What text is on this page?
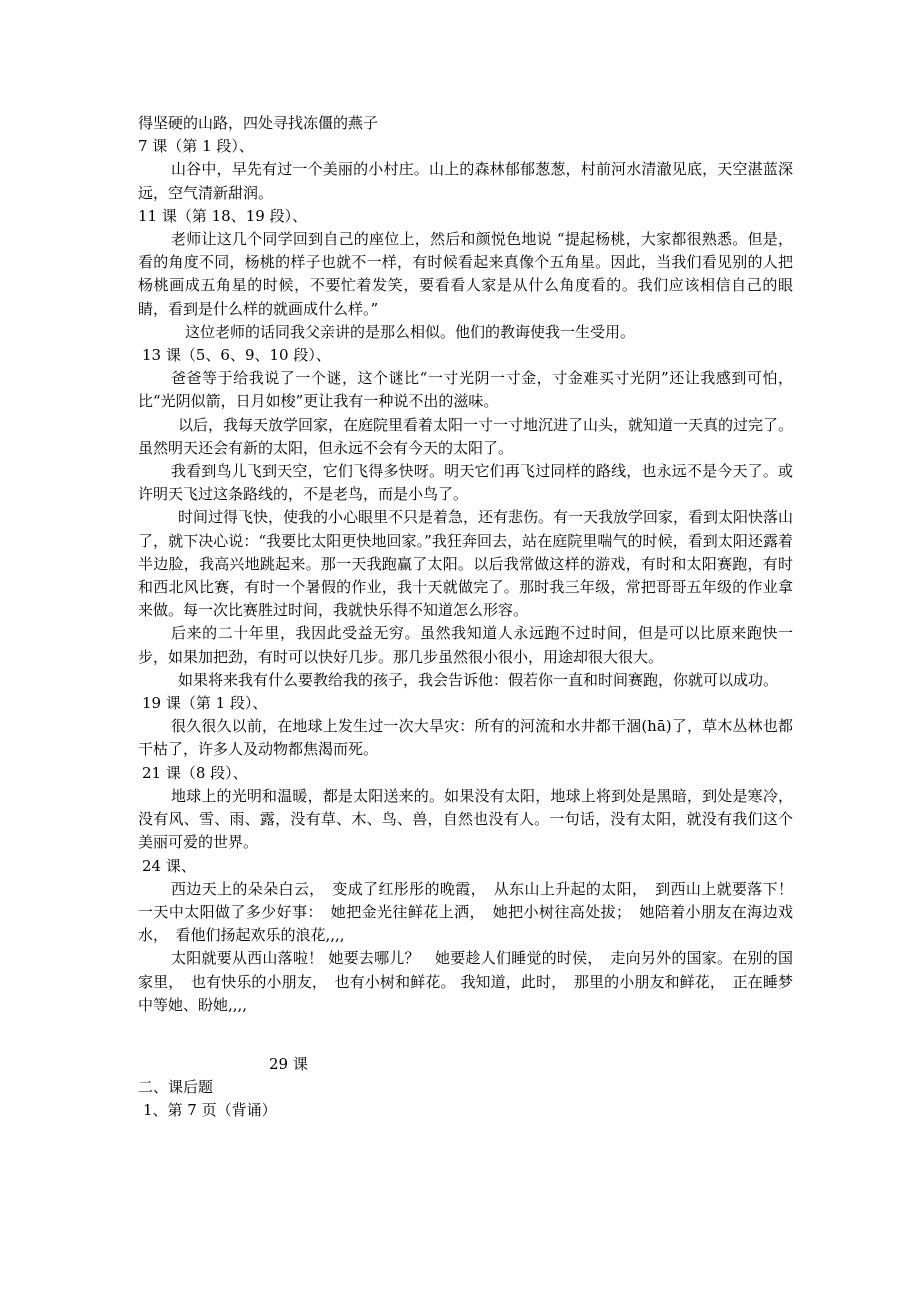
得坚硬的山路，四处寻找冻僵的燕子

7 课（第 1 段）、

山谷中，早先有过一个美丽的小村庄。山上的森林郁郁葱葱，村前河水清澈见底，天空湛蓝深远，空气清新甜润。

11 课（第 18、19 段）、

老师让这几个同学回到自己的座位上，然后和颜悦色地说 “提起杨桃，大家都很熟悉。但是，看的角度不同，杨桃的样子也就不一样，有时候看起来真像个五角星。因此，当我们看见别的人把杨桃画成五角星的时候，不要忙着发笑，要看看人家是从什么角度看的。我们应该相信自己的眼睛，看到是什么样的就画成什么样。”

这位老师的话同我父亲讲的是那么相似。他们的教诲使我一生受用。

13 课（5、6、9、10 段）、

爸爸等于给我说了一个谜，这个谜比“一寸光阴一寸金，寸金难买寸光阴”还让我感到可怕，比“光阴似箭，日月如梭”更让我有一种说不出的滋味。

以后，我每天放学回家，在庭院里看着太阳一寸一寸地沉进了山头，就知道一天真的过完了。虽然明天还会有新的太阳，但永远不会有今天的太阳了。

我看到鸟儿飞到天空，它们飞得多快呀。明天它们再飞过同样的路线，也永远不是今天了。或许明天飞过这条路线的，不是老鸟，而是小鸟了。

时间过得飞快，使我的小心眼里不只是着急，还有悲伤。有一天我放学回家，看到太阳快落山了，就下决心说：“我要比太阳更快地回家。”我狂奔回去，站在庭院里喘气的时候，看到太阳还露着半边脸，我高兴地跳起来。那一天我跑赢了太阳。以后我常做这样的游戏，有时和太阳赛跑，有时和西北风比赛，有时一个暑假的作业，我十天就做完了。那时我三年级，常把哥哥五年级的作业拿来做。每一次比赛胜过时间，我就快乐得不知道怎么形容。

后来的二十年里，我因此受益无穷。虽然我知道人永远跑不过时间，但是可以比原来跑快一步，如果加把劲，有时可以快好几步。那几步虽然很小很小，用途却很大很大。

如果将来我有什么要教给我的孩子，我会告诉他：假若你一直和时间赛跑，你就可以成功。

19 课（第 1 段）、

很久很久以前，在地球上发生过一次大旱灾：所有的河流和水井都干涸(hā)了，草木丛林也都干枯了，许多人及动物都焦渴而死。

21 课（8 段）、

地球上的光明和温暖，都是太阳送来的。如果没有太阳，地球上将到处是黑暗，到处是寒冷，没有风、雪、雨、露，没有草、木、鸟、兽，自然也没有人。一句话，没有太阳，就没有我们这个美丽可爱的世界。

24 课、

西边天上的朵朵白云，　变成了红彤彤的晚霞，　从东山上升起的太阳，　到西山上就要落下！　　一天中太阳做了多少好事：　她把金光往鲜花上洒，　她把小树往高处拔；　她陪着小朋友在海边戏水，　看他们扬起欢乐的浪花,,,,

太阳就要从西山落啦！ 她要去哪儿？　她要趁人们睡觉的时侯，　走向另外的国家。在别的国家里，　也有快乐的小朋友，　也有小树和鲜花。 我知道，此时，　那里的小朋友和鲜花，　正在睡梦中等她、盼她,,,,

29 课

二、课后题

1、第 7 页（背诵）
